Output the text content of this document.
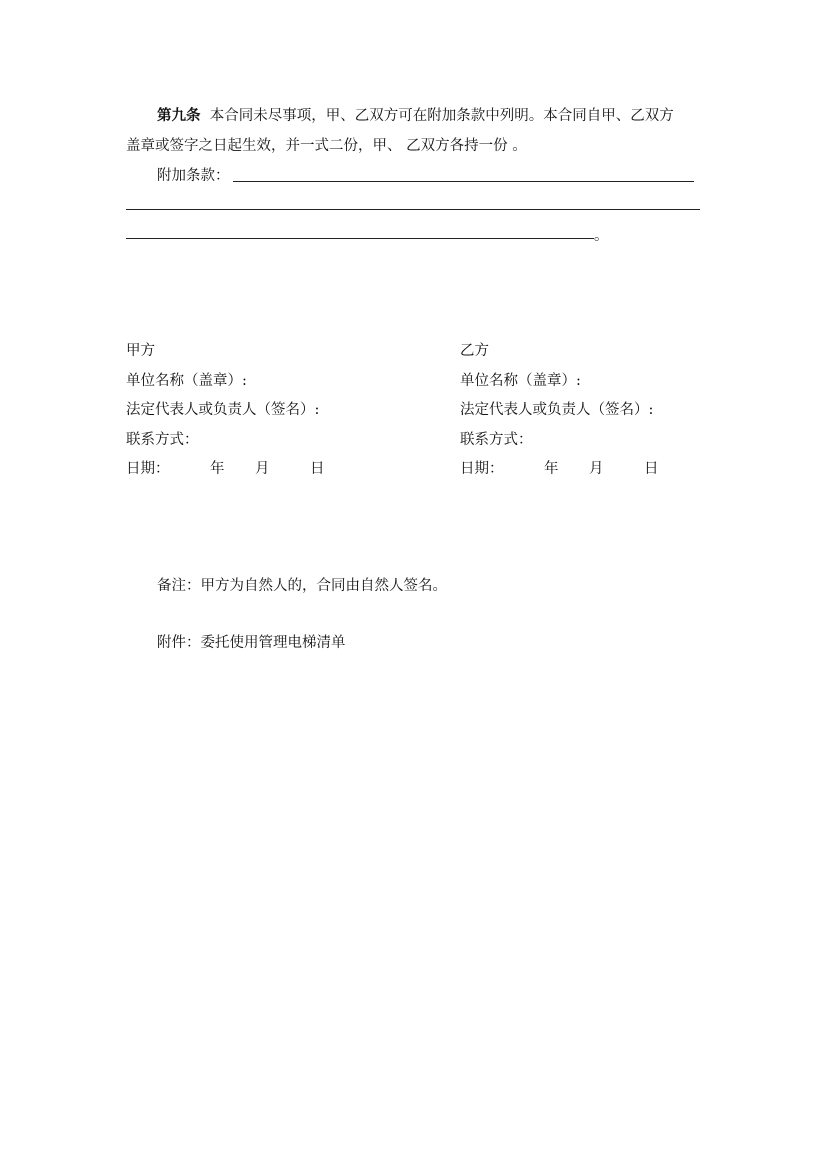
第九条 本合同未尽事项，甲、乙双方可在附加条款中列明。本合同自甲、乙双方
盖章或签字之日起生效，并一式二份，甲、 乙双方各持一份 。
附加条款：
。
甲方
单位名称（盖章）:
法定代表人或负责人（签名）:
联系方式：
日期：	年 月	日
乙方
单位名称（盖章）:
法定代表人或负责人（签名）:
联系方式：
日期：	年 月	日
备注：甲方为自然人的，合同由自然人签名。
附件：委托使用管理电梯清单
